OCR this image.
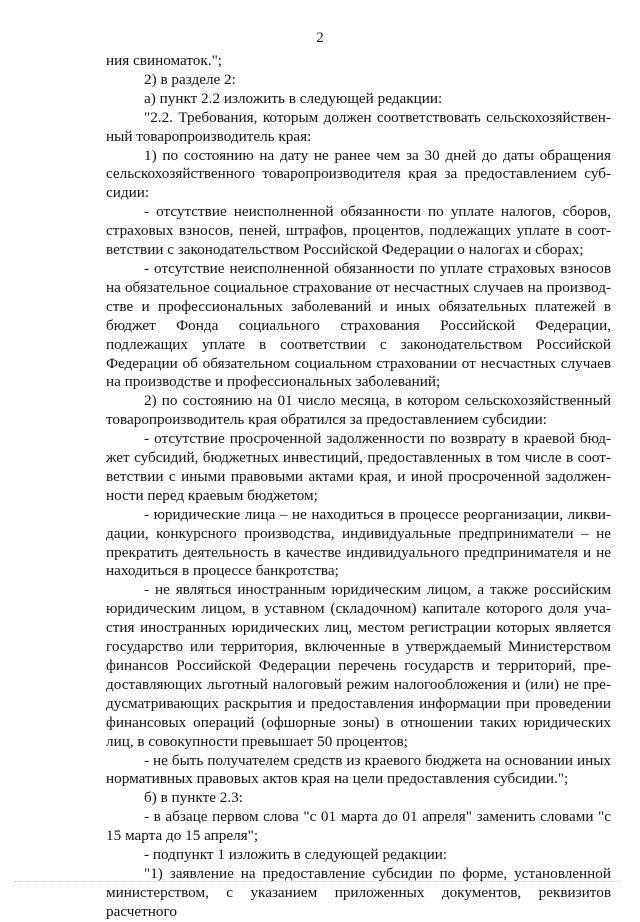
2

ния свиноматок.";

2) в разделе 2:

а) пункт 2.2 изложить в следующей редакции:

"2.2. Требования, которым должен соответствовать сельскохозяйственный товаропроизводитель края:

1) по состоянию на дату не ранее чем за 30 дней до даты обращения сельскохозяйственного товаропроизводителя края за предоставлением субсидии:

- отсутствие неисполненной обязанности по уплате налогов, сборов, страховых взносов, пеней, штрафов, процентов, подлежащих уплате в соответствии с законодательством Российской Федерации о налогах и сборах;

- отсутствие неисполненной обязанности по уплате страховых взносов на обязательное социальное страхование от несчастных случаев на производстве и профессиональных заболеваний и иных обязательных платежей в бюджет Фонда социального страхования Российской Федерации, подлежащих уплате в соответствии с законодательством Российской Федерации об обязательном социальном страховании от несчастных случаев на производстве и профессиональных заболеваний;

2) по состоянию на 01 число месяца, в котором сельскохозяйственный товаропроизводитель края обратился за предоставлением субсидии:

- отсутствие просроченной задолженности по возврату в краевой бюджет субсидий, бюджетных инвестиций, предоставленных в том числе в соответствии с иными правовыми актами края, и иной просроченной задолженности перед краевым бюджетом;

- юридические лица – не находиться в процессе реорганизации, ликвидации, конкурсного производства, индивидуальные предприниматели – не прекратить деятельность в качестве индивидуального предпринимателя и не находиться в процессе банкротства;

- не являться иностранным юридическим лицом, а также российским юридическим лицом, в уставном (складочном) капитале которого доля участия иностранных юридических лиц, местом регистрации которых является государство или территория, включенные в утверждаемый Министерством финансов Российской Федерации перечень государств и территорий, предоставляющих льготный налоговый режим налогообложения и (или) не предусматривающих раскрытия и предоставления информации при проведении финансовых операций (офшорные зоны) в отношении таких юридических лиц, в совокупности превышает 50 процентов;

- не быть получателем средств из краевого бюджета на основании иных нормативных правовых актов края на цели предоставления субсидии.";

б) в пункте 2.3:

- в абзаце первом слова "с 01 марта до 01 апреля" заменить словами "с 15 марта до 15 апреля";

- подпункт 1 изложить в следующей редакции:

"1) заявление на предоставление субсидии по форме, установленной министерством, с указанием приложенных документов, реквизитов расчетного
